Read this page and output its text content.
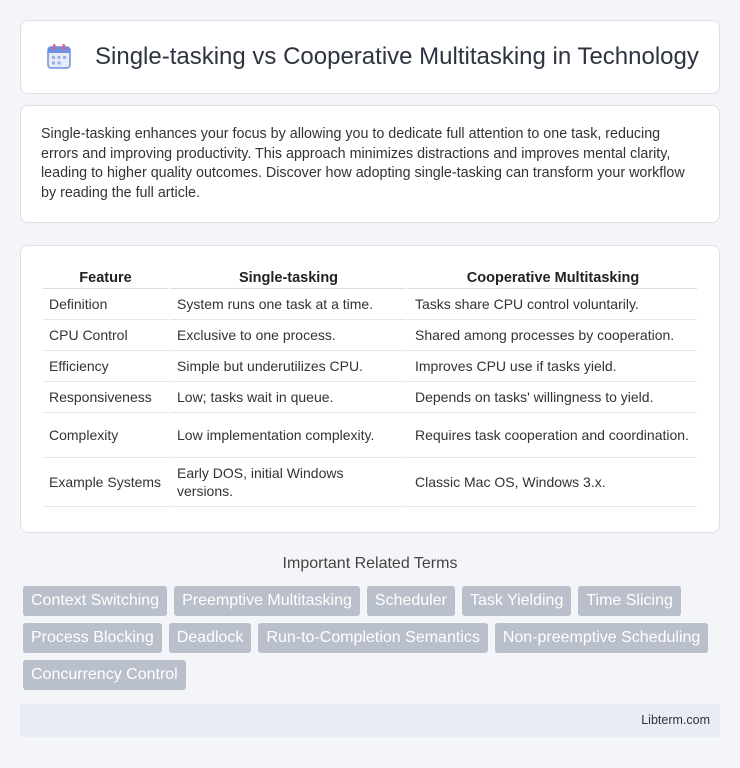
Single-tasking vs Cooperative Multitasking in Technology

Single-tasking enhances your focus by allowing you to dedicate full attention to one task, reducing errors and improving productivity. This approach minimizes distractions and improves mental clarity, leading to higher quality outcomes. Discover how adopting single-tasking can transform your workflow by reading the full article.

Feature	Single-tasking	Cooperative Multitasking
Definition	System runs one task at a time.	Tasks share CPU control voluntarily.
CPU Control	Exclusive to one process.	Shared among processes by cooperation.
Efficiency	Simple but underutilizes CPU.	Improves CPU use if tasks yield.
Responsiveness	Low; tasks wait in queue.	Depends on tasks' willingness to yield.
Complexity	Low implementation complexity.	Requires task cooperation and coordination.
Example Systems	Early DOS, initial Windows versions.	Classic Mac OS, Windows 3.x.
Important Related Terms
Context Switching	Preemptive Multitasking	Scheduler	Task Yielding	Time Slicing
Process Blocking	Deadlock	Run-to-Completion Semantics	Non-preemptive Scheduling
Concurrency Control
Libterm.com
